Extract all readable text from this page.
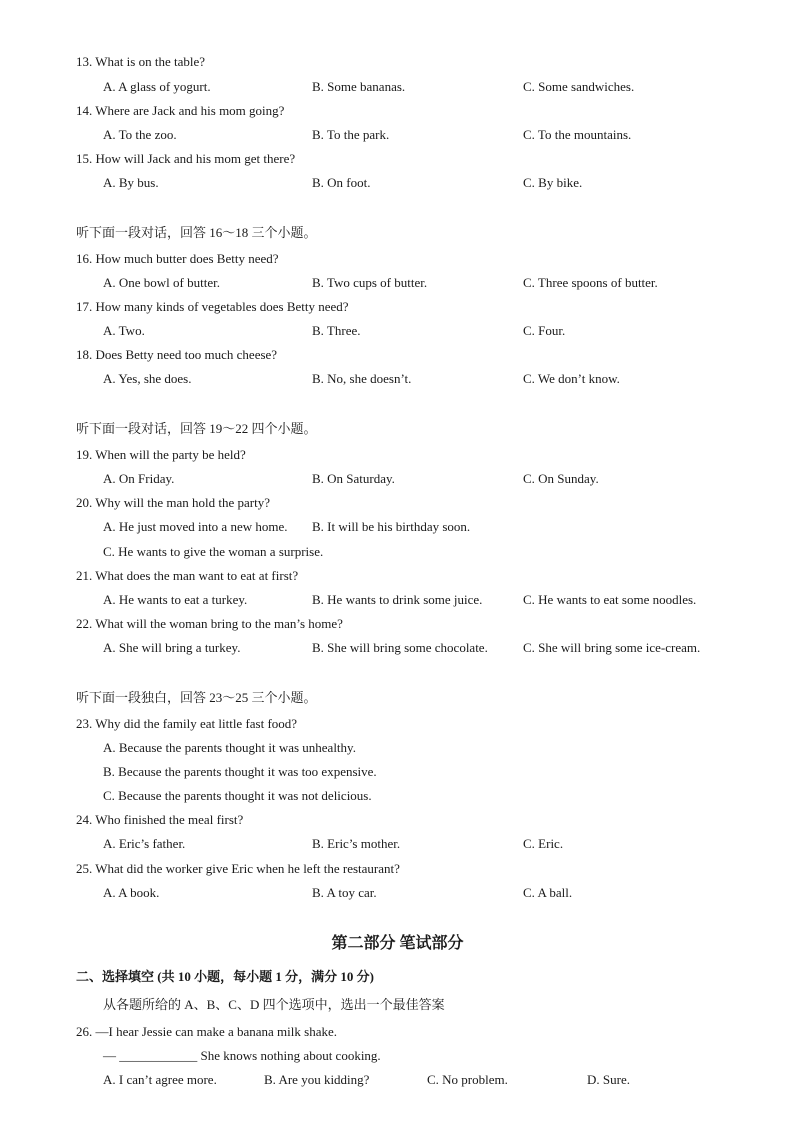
13. What is on the table?
A. A glass of yogurt.	B. Some bananas.	C. Some sandwiches.
14. Where are Jack and his mom going?
A. To the zoo.	B. To the park.	C. To the mountains.
15. How will Jack and his mom get there?
A. By bus.	B. On foot.	C. By bike.
听下面一段对话，回答 16～18 三个小题。
16. How much butter does Betty need?
A. One bowl of butter.	B. Two cups of butter.	C. Three spoons of butter.
17. How many kinds of vegetables does Betty need?
A. Two.	B. Three.	C. Four.
18. Does Betty need too much cheese?
A. Yes, she does.	B. No, she doesn’t.	C. We don’t know.
听下面一段对话，回答 19～22 四个小题。
19. When will the party be held?
A. On Friday.	B. On Saturday.	C. On Sunday.
20. Why will the man hold the party?
A. He just moved into a new home. B. It will be his birthday soon.
C. He wants to give the woman a surprise.
21. What does the man want to eat at first?
A. He wants to eat a turkey.	B. He wants to drink some juice.	C. He wants to eat some noodles.
22. What will the woman bring to the man’s home?
A. She will bring a turkey.	B. She will bring some chocolate.	C. She will bring some ice-cream.
听下面一段独白，回答 23～25 三个小题。
23. Why did the family eat little fast food?
A. Because the parents thought it was unhealthy.
B. Because the parents thought it was too expensive.
C. Because the parents thought it was not delicious.
24. Who finished the meal first?
A. Eric’s father.	B. Eric’s mother.	C. Eric.
25. What did the worker give Eric when he left the restaurant?
A. A book.	B. A toy car.	C. A ball.
第二部分 笔试部分
二、选择填空 (共 10 小题，每小题 1 分，满分 10 分)
从各题所给的 A、B、C、D 四个选项中，选出一个最佳答案
26. —I hear Jessie can make a banana milk shake.
— ____________ She knows nothing about cooking.
A. I can’t agree more.	B. Are you kidding?	C. No problem.	D. Sure.
